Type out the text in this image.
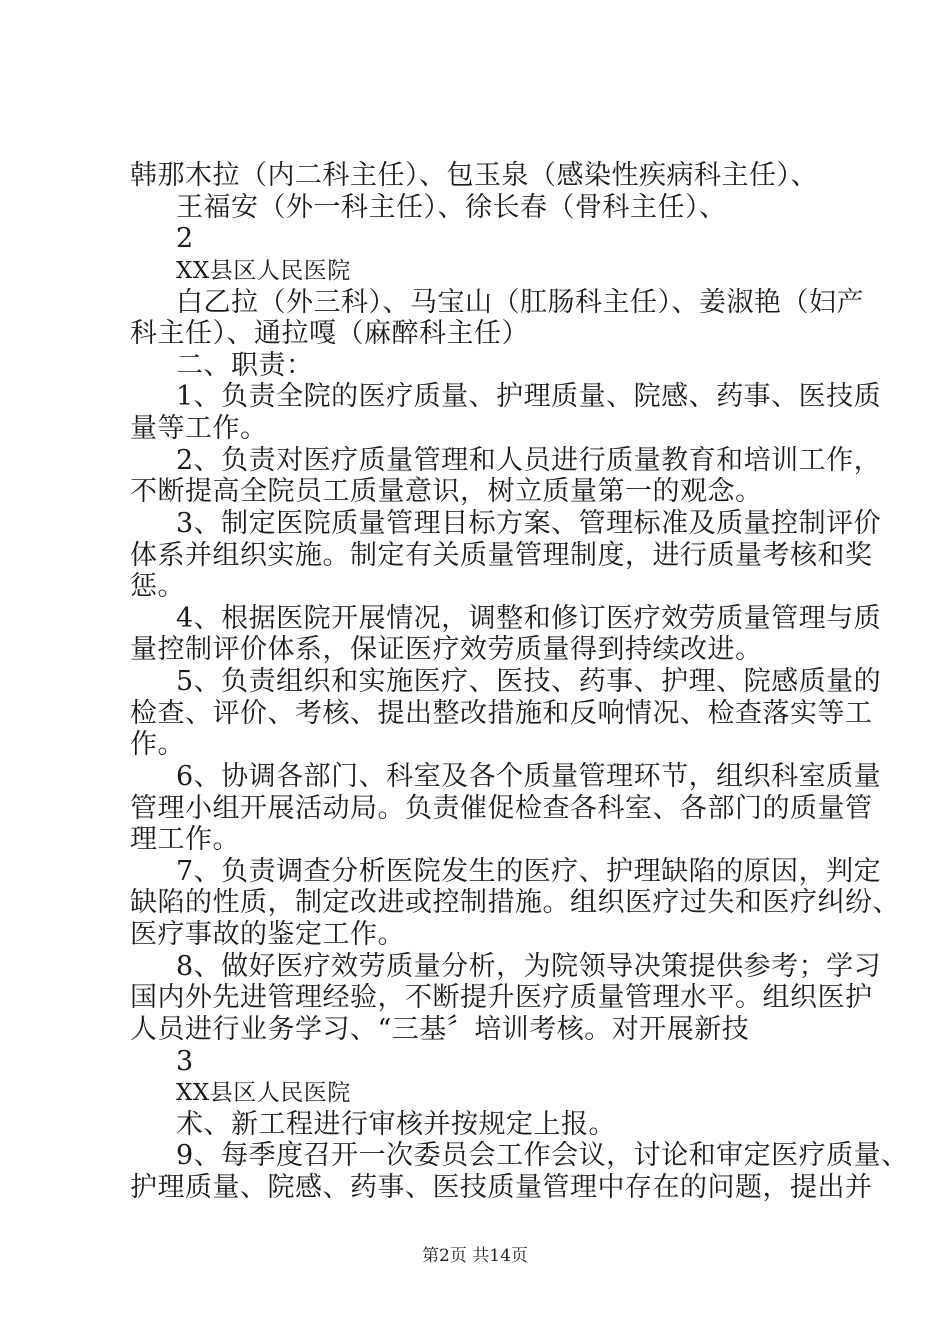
韩那木拉（内二科主任）、包玉泉（感染性疾病科主任）、
王福安（外一科主任）、徐长春（骨科主任）、
2
XX县区人民医院
白乙拉（外三科）、马宝山（肛肠科主任）、姜淑艳（妇产
科主任）、通拉嘎（麻醉科主任）
二、职责：
1、负责全院的医疗质量、护理质量、院感、药事、医技质
量等工作。
2、负责对医疗质量管理和人员进行质量教育和培训工作，
不断提高全院员工质量意识，树立质量第一的观念。
3、制定医院质量管理目标方案、管理标准及质量控制评价
体系并组织实施。制定有关质量管理制度，进行质量考核和奖
惩。
4、根据医院开展情况，调整和修订医疗效劳质量管理与质
量控制评价体系，保证医疗效劳质量得到持续改进。
5、负责组织和实施医疗、医技、药事、护理、院感质量的
检查、评价、考核、提出整改措施和反响情况、检查落实等工
作。
6、协调各部门、科室及各个质量管理环节，组织科室质量
管理小组开展活动局。负责催促检查各科室、各部门的质量管
理工作。
7、负责调查分析医院发生的医疗、护理缺陷的原因，判定
缺陷的性质，制定改进或控制措施。组织医疗过失和医疗纠纷、
医疗事故的鉴定工作。
8、做好医疗效劳质量分析，为院领导决策提供参考；学习
国内外先进管理经验，不断提升医疗质量管理水平。组织医护
第2页 共14页
人员进行业务学习、“三基〞培训考核。对开展新技
3
XX县区人民医院
术、新工程进行审核并按规定上报。
9、每季度召开一次委员会工作会议，讨论和审定医疗质量、
护理质量、院感、药事、医技质量管理中存在的问题，提出并
